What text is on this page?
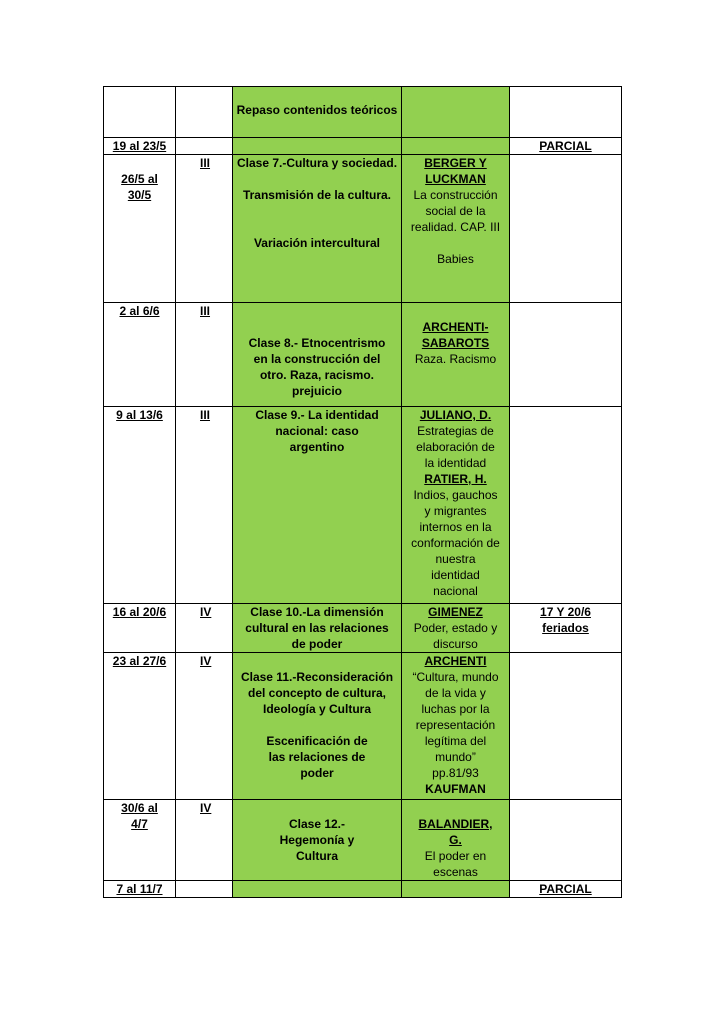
		Repaso contenidos teóricos		

19 al 23/5				PARCIAL

26/5 al 30/5	III	Clase 7.-Cultura y sociedad.
Transmisión de la cultura.
Variación intercultural	BERGER Y LUCKMAN
La construcción social de la realidad. CAP. III
Babies	

2 al 6/6	III	Clase 8.- Etnocentrismo en la construcción del otro. Raza, racismo. prejuicio	ARCHENTI-SABAROTS
Raza. Racismo	

9 al 13/6	III	Clase 9.- La identidad nacional: caso argentino	JULIANO, D.
Estrategias de elaboración de la identidad
RATIER, H.
Indios, gauchos y migrantes internos en la conformación de nuestra identidad nacional	

16 al 20/6	IV	Clase 10.-La dimensión cultural en las relaciones de poder	GIMENEZ
Poder, estado y discurso	17 Y 20/6 feriados

23 al 27/6	IV	Clase 11.-Reconsideración del concepto de cultura, Ideología y Cultura
Escenificación de las relaciones de poder	ARCHENTI
“Cultura, mundo de la vida y luchas por la representación legítima del mundo” pp.81/93
KAUFMAN	

30/6 al 4/7	IV	Clase 12.-Hegemonía y Cultura	BALANDIER, G.
El poder en escenas	

7 al 11/7				PARCIAL
